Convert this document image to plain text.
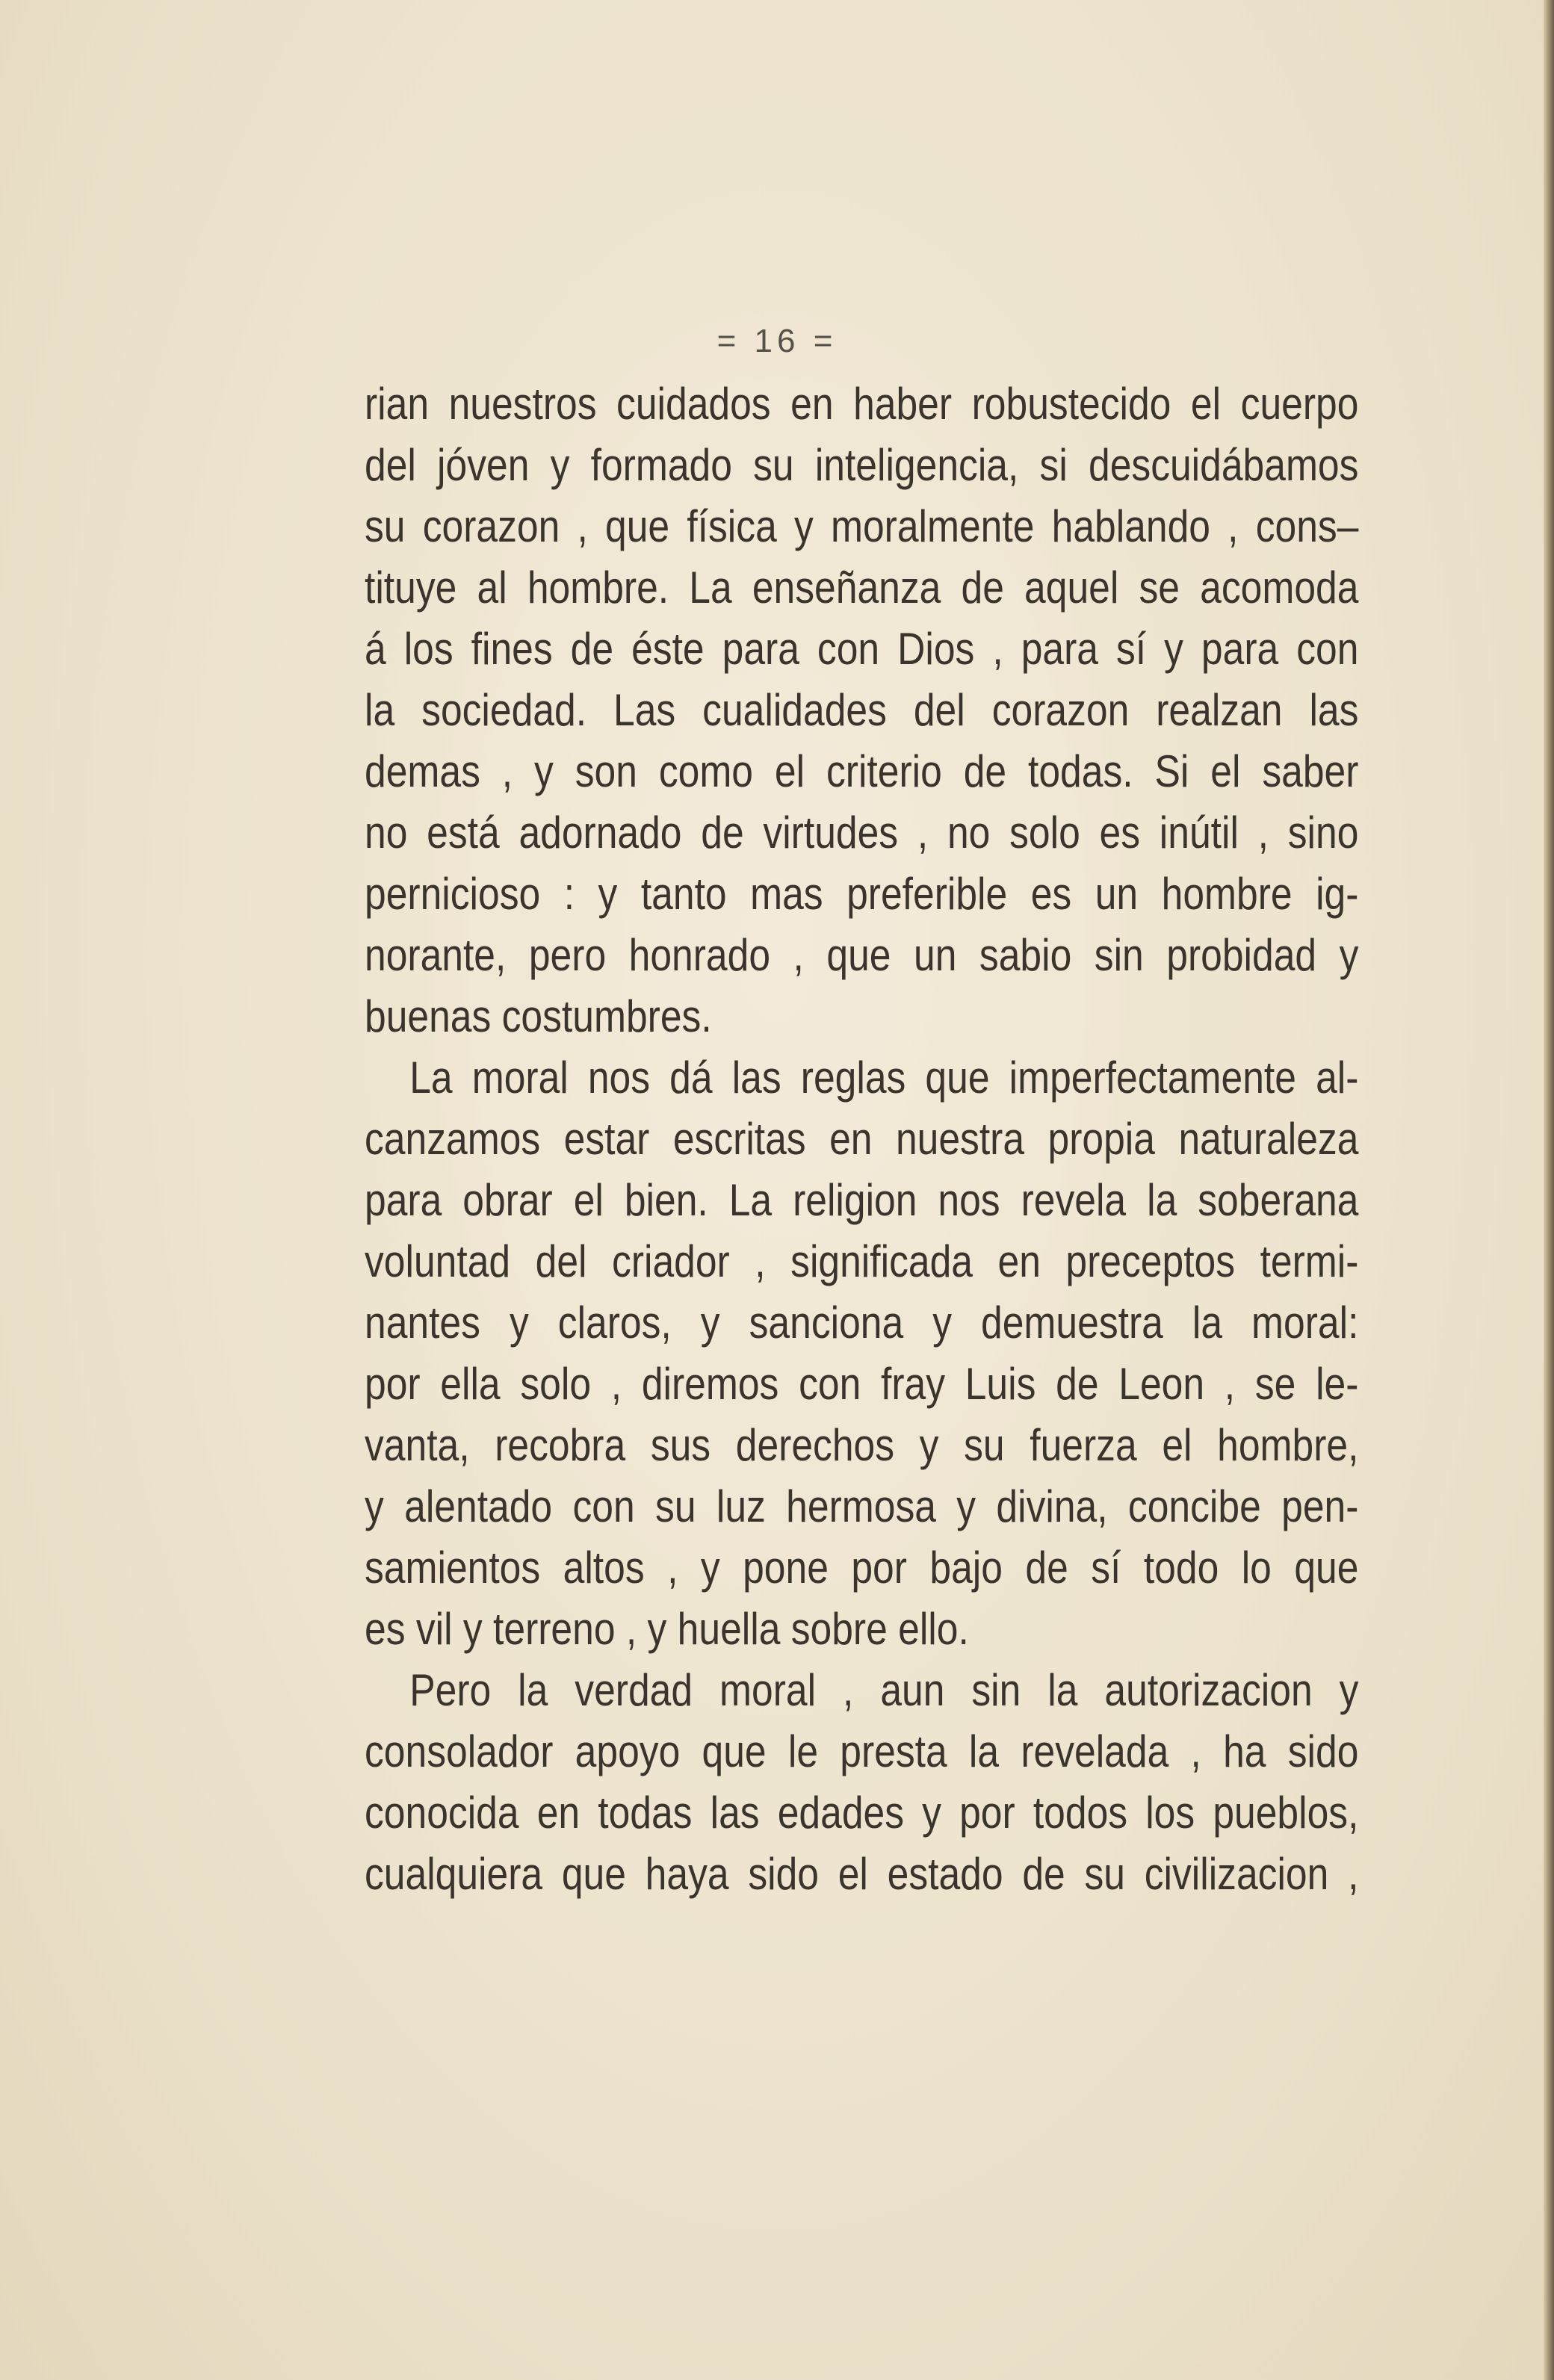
= 16 =
rian nuestros cuidados en haber robustecido el cuerpo
del jóven y formado su inteligencia, si descuidábamos
su corazon , que física y moralmente hablando , cons–
tituye al hombre. La enseñanza de aquel se acomoda
á los fines de éste para con Dios , para sí y para con
la sociedad. Las cualidades del corazon realzan las
demas , y son como el criterio de todas. Si el saber
no está adornado de virtudes , no solo es inútil , sino
pernicioso : y tanto mas preferible es un hombre ig-
norante, pero honrado , que un sabio sin probidad y
buenas costumbres.
La moral nos dá las reglas que imperfectamente al-
canzamos estar escritas en nuestra propia naturaleza
para obrar el bien. La religion nos revela la soberana
voluntad del criador , significada en preceptos termi-
nantes y claros, y sanciona y demuestra la moral:
por ella solo , diremos con fray Luis de Leon , se le-
vanta, recobra sus derechos y su fuerza el hombre,
y alentado con su luz hermosa y divina, concibe pen-
samientos altos , y pone por bajo de sí todo lo que
es vil y terreno , y huella sobre ello.
Pero la verdad moral , aun sin la autorizacion y
consolador apoyo que le presta la revelada , ha sido
conocida en todas las edades y por todos los pueblos,
cualquiera que haya sido el estado de su civilizacion ,
